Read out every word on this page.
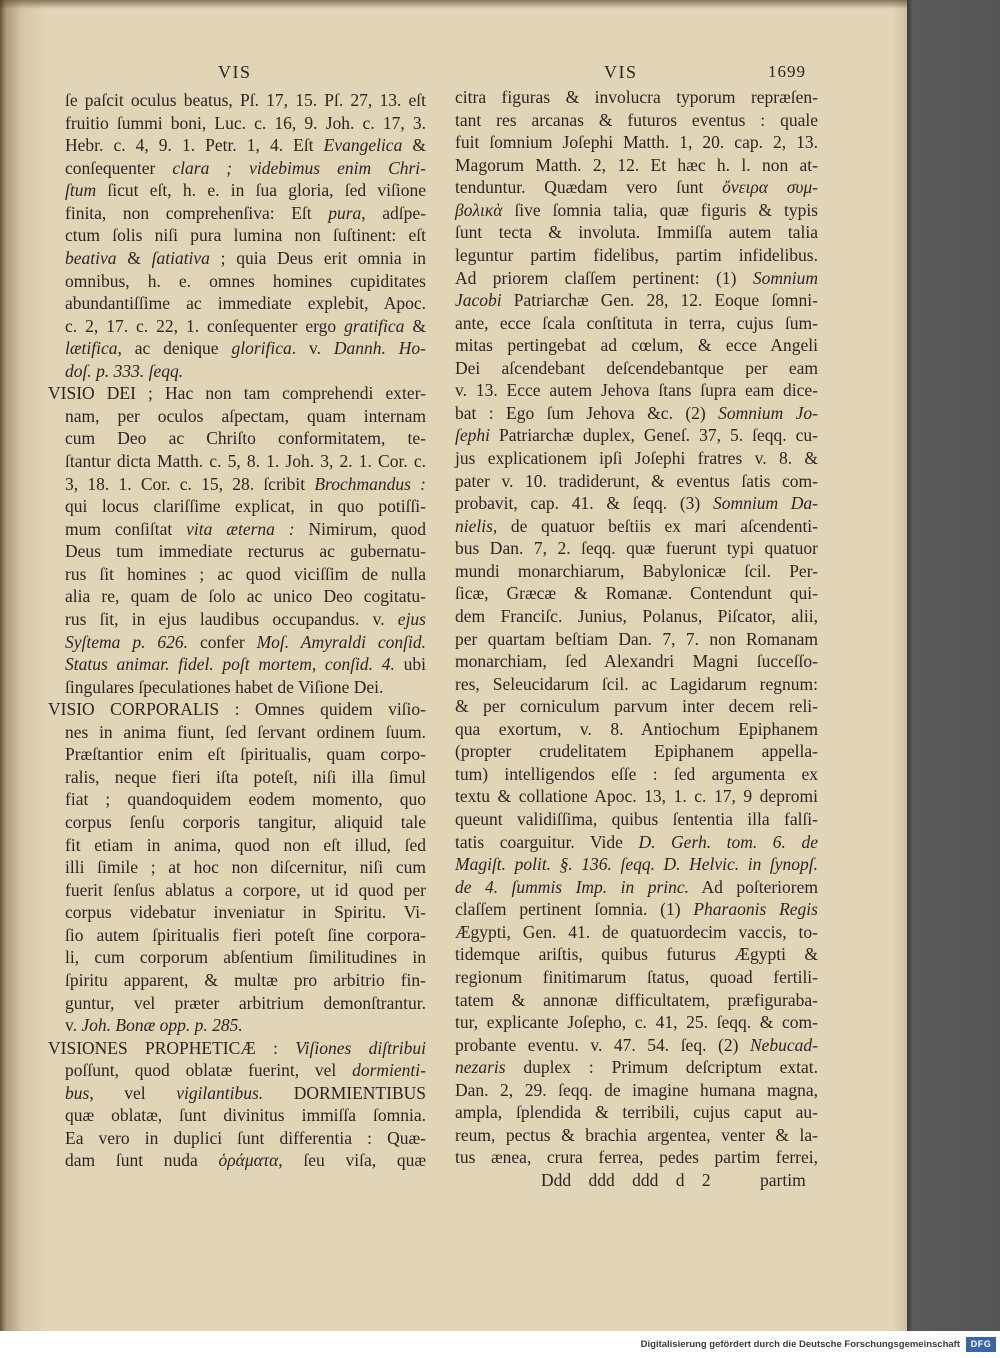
VIS	VIS	1699
ſe paſcit oculus beatus, Pſ. 17, 15. Pſ. 27, 13. eſt
fruitio ſummi boni, Luc. c. 16, 9. Joh. c. 17, 3.
Hebr. c. 4, 9. 1. Petr. 1, 4. Eſt Evangelica &
conſequenter clara ; videbimus enim Chri-
ſtum ſicut eſt, h. e. in ſua gloria, ſed viſione
finita, non comprehenſiva: Eſt pura, adſpe-
ctum ſolis niſi pura lumina non ſuſtinent: eſt
beativa & ſatiativa ; quia Deus erit omnia in
omnibus, h. e. omnes homines cupiditates
abundantiſſime ac immediate explebit, Apoc.
c. 2, 17. c. 22, 1. conſequenter ergo gratifica &
lætifica, ac denique glorifica. v. Dannh. Ho-
doſ. p. 333. ſeqq.
VISIO DEI ; Hac non tam comprehendi exter-
nam, per oculos aſpectam, quam internam
cum Deo ac Chriſto conformitatem, te-
ſtantur dicta Matth. c. 5, 8. 1. Joh. 3, 2. 1. Cor. c.
3, 18. 1. Cor. c. 15, 28. ſcribit Brochmandus :
qui locus clariſſime explicat, in quo potiſſi-
mum conſiſtat vita æterna : Nimirum, quod
Deus tum immediate recturus ac gubernatu-
rus ſit homines ; ac quod viciſſim de nulla
alia re, quam de ſolo ac unico Deo cogitatu-
rus ſit, in ejus laudibus occupandus. v. ejus
Syſtema p. 626. confer Moſ. Amyraldi conſid.
Status animar. fidel. poſt mortem, conſid. 4. ubi
ſingulares ſpeculationes habet de Viſione Dei.
VISIO CORPORALIS : Omnes quidem viſio-
nes in anima fiunt, ſed ſervant ordinem ſuum.
Præſtantior enim eſt ſpiritualis, quam corpo-
ralis, neque fieri iſta poteſt, niſi illa ſimul
fiat ; quandoquidem eodem momento, quo
corpus ſenſu corporis tangitur, aliquid tale
fit etiam in anima, quod non eſt illud, ſed
illi ſimile ; at hoc non diſcernitur, niſi cum
fuerit ſenſus ablatus a corpore, ut id quod per
corpus videbatur inveniatur in Spiritu. Vi-
ſio autem ſpiritualis fieri poteſt ſine corpora-
li, cum corporum abſentium ſimilitudines in
ſpiritu apparent, & multæ pro arbitrio fin-
guntur, vel præter arbitrium demonſtrantur.
v. Joh. Bonæ opp. p. 285.
VISIONES PROPHETICÆ : Viſiones diſtribui
poſſunt, quod oblatæ fuerint, vel dormienti-
bus, vel vigilantibus. DORMIENTIBUS
quæ oblatæ, ſunt divinitus immiſſa ſomnia.
Ea vero in duplici ſunt differentia : Quæ-
dam ſunt nuda ὁράματα, ſeu viſa, quæ
citra figuras & involucra typorum repræſen-
tant res arcanas & futuros eventus : quale
fuit ſomnium Joſephi Matth. 1, 20. cap. 2, 13.
Magorum Matth. 2, 12. Et hæc h. l. non at-
tenduntur. Quædam vero ſunt ὄνειρα συμ-
βολικὰ ſive ſomnia talia, quæ figuris & typis
ſunt tecta & involuta. Immiſſa autem talia
leguntur partim fidelibus, partim infidelibus.
Ad priorem claſſem pertinent: (1) Somnium
Jacobi Patriarchæ Gen. 28, 12. Eoque ſomni-
ante, ecce ſcala conſtituta in terra, cujus ſum-
mitas pertingebat ad cœlum, & ecce Angeli
Dei aſcendebant deſcendebantque per eam
v. 13. Ecce autem Jehova ſtans ſupra eam dice-
bat : Ego ſum Jehova &c. (2) Somnium Jo-
ſephi Patriarchæ duplex, Geneſ. 37, 5. ſeqq. cu-
jus explicationem ipſi Joſephi fratres v. 8. &
pater v. 10. tradiderunt, & eventus ſatis com-
probavit, cap. 41. & ſeqq. (3) Somnium Da-
nielis, de quatuor beſtiis ex mari aſcendenti-
bus Dan. 7, 2. ſeqq. quæ fuerunt typi quatuor
mundi monarchiarum, Babylonicæ ſcil. Per-
ſicæ, Græcæ & Romanæ. Contendunt qui-
dem Franciſc. Junius, Polanus, Piſcator, alii,
per quartam beſtiam Dan. 7, 7. non Romanam
monarchiam, ſed Alexandri Magni ſucceſſo-
res, Seleucidarum ſcil. ac Lagidarum regnum:
& per corniculum parvum inter decem reli-
qua exortum, v. 8. Antiochum Epiphanem
(propter crudelitatem Epiphanem appella-
tum) intelligendos eſſe : ſed argumenta ex
textu & collatione Apoc. 13, 1. c. 17, 9 depromi
queunt validiſſima, quibus ſententia illa falſi-
tatis coarguitur. Vide D. Gerh. tom. 6. de
Magiſt. polit. §. 136. ſeqq. D. Helvic. in ſynopſ.
de 4. ſummis Imp. in princ. Ad poſteriorem
claſſem pertinent ſomnia. (1) Pharaonis Regis
Ægypti, Gen. 41. de quatuordecim vaccis, to-
tidemque ariſtis, quibus futurus Ægypti &
regionum finitimarum ſtatus, quoad fertili-
tatem & annonæ difficultatem, præfiguraba-
tur, explicante Joſepho, c. 41, 25. ſeqq. & com-
probante eventu. v. 47. 54. ſeq. (2) Nebucad-
nezaris duplex : Primum deſcriptum extat.
Dan. 2, 29. ſeqq. de imagine humana magna,
ampla, ſplendida & terribili, cujus caput au-
reum, pectus & brachia argentea, venter & la-
tus ænea, crura ferrea, pedes partim ferrei,
Ddd ddd ddd d 2	partim
Digitalisierung gefördert durch die Deutsche Forschungsgemeinschaft	DFG
